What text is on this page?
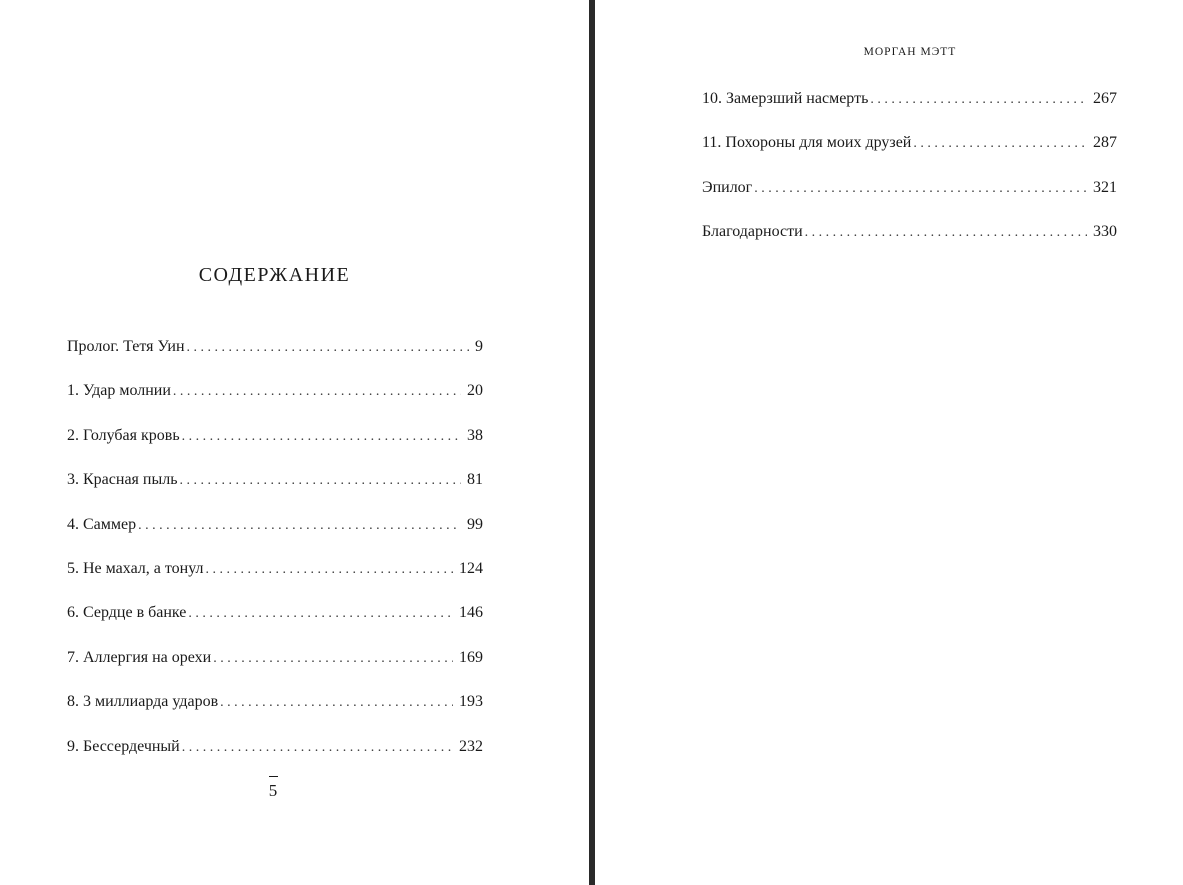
СОДЕРЖАНИЕ
Пролог. Тетя Уин . . .	9
1. Удар молнии . . .	20
2. Голубая кровь . . .	38
3. Красная пыль . . .	81
4. Саммер . . .	99
5. Не махал, а тонул . . .	124
6. Сердце в банке . . .	146
7. Аллергия на орехи . . .	169
8. 3 миллиарда ударов . . .	193
9. Бессердечный . . .	232
5
МОРГАН МЭТТ
10. Замерзший насмерть . . .	267
11. Похороны для моих друзей . . .	287
Эпилог . . .	321
Благодарности . . .	330
